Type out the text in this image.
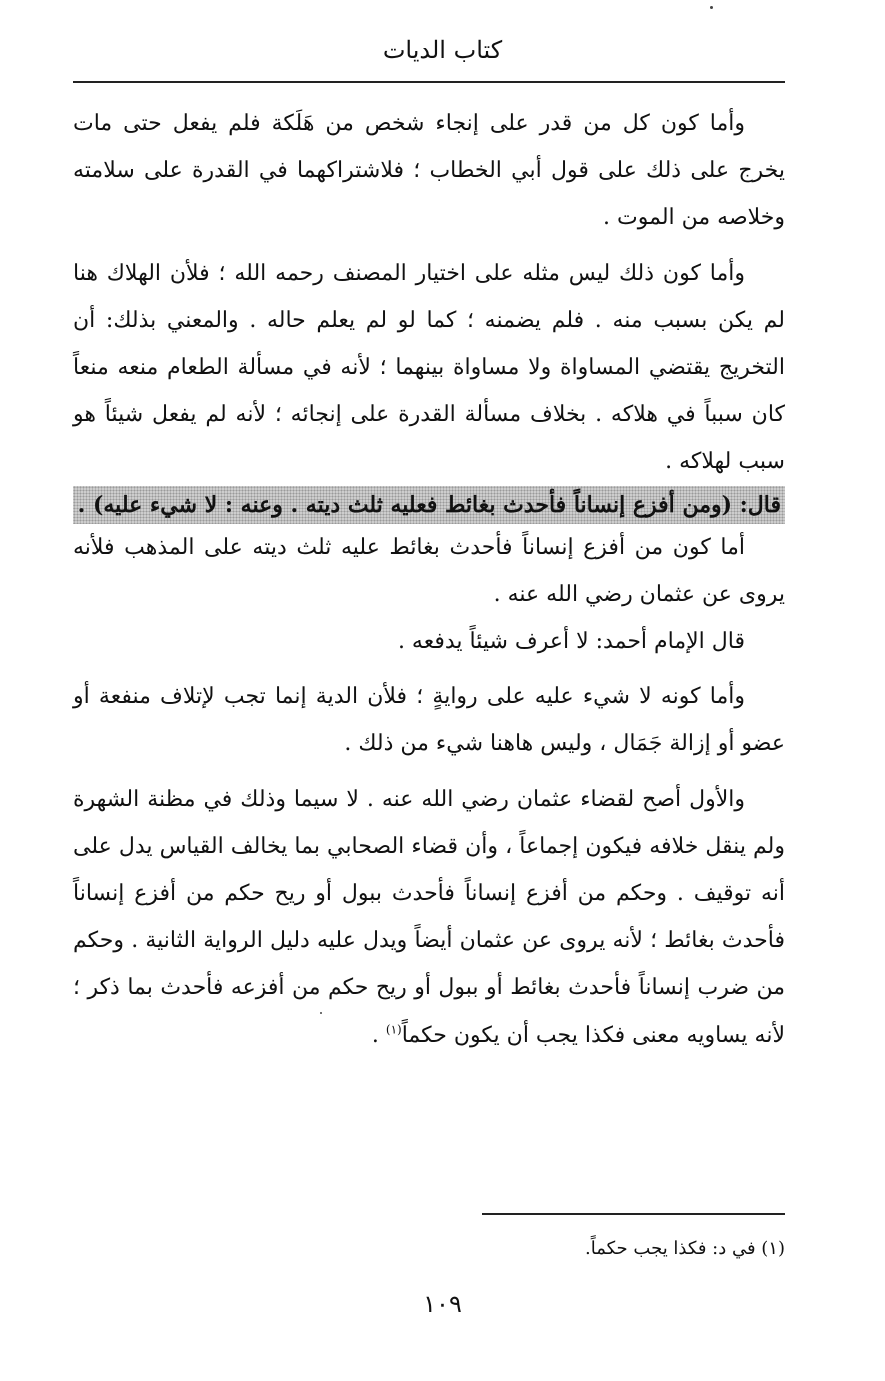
كتاب الديات

وأما كون كل من قدر على إنجاء شخص من هَلَكة فلم يفعل حتى مات يخرج على ذلك على قول أبي الخطاب ؛ فلاشتراكهما في القدرة على سلامته وخلاصه من الموت .

وأما كون ذلك ليس مثله على اختيار المصنف رحمه الله ؛ فلأن الهلاك هنا لم يكن بسبب منه . فلم يضمنه ؛ كما لو لم يعلم حاله . والمعني بذلك: أن التخريج يقتضي المساواة ولا مساواة بينهما ؛ لأنه في مسألة الطعام منعه منعاً كان سبباً في هلاكه . بخلاف مسألة القدرة على إنجائه ؛ لأنه لم يفعل شيئاً هو سبب لهلاكه .

قال: (ومن أفزع إنساناً فأحدث بغائط فعليه ثلث ديته . وعنه : لا شيء عليه) .

أما كون من أفزع إنساناً فأحدث بغائط عليه ثلث ديته على المذهب فلأنه يروى عن عثمان رضي الله عنه .

قال الإمام أحمد: لا أعرف شيئاً يدفعه .

وأما كونه لا شيء عليه على روايةٍ ؛ فلأن الدية إنما تجب لإتلاف منفعة أو عضو أو إزالة جَمَال ، وليس هاهنا شيء من ذلك .

والأول أصح لقضاء عثمان رضي الله عنه . لا سيما وذلك في مظنة الشهرة ولم ينقل خلافه فيكون إجماعاً ، وأن قضاء الصحابي بما يخالف القياس يدل على أنه توقيف . وحكم من أفزع إنساناً فأحدث ببول أو ريح حكم من أفزع إنساناً فأحدث بغائط ؛ لأنه يروى عن عثمان أيضاً ويدل عليه دليل الرواية الثانية . وحكم من ضرب إنساناً فأحدث بغائط أو ببول أو ريح حكم من أفزعه فأحدث بما ذكر ؛ لأنه يساويه معنى فكذا يجب أن يكون حكماً$^{(١)}$ .

(١) في د: فكذا يجب حكماً.
١٠٩
